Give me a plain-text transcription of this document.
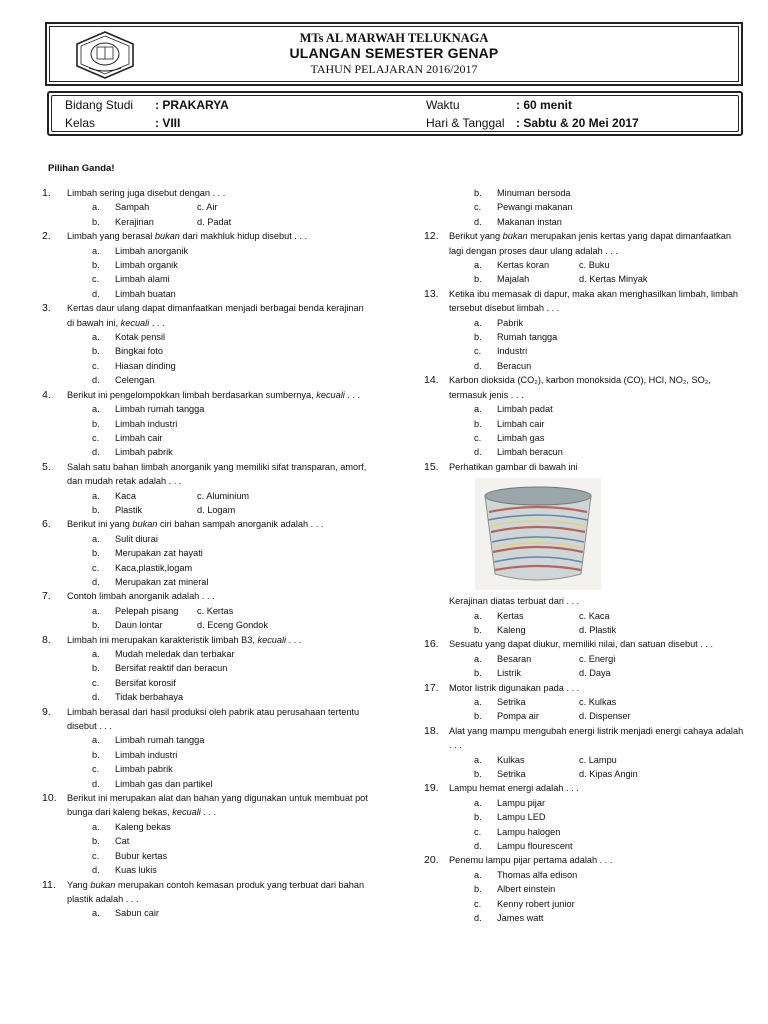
MTs AL MARWAH TELUKNAGA
ULANGAN SEMESTER GENAP
TAHUN PELAJARAN 2016/2017
Bidang Studi : PRAKARYA
Kelas	: VIII
Waktu	: 60 menit
Hari & Tanggal : Sabtu & 20 Mei 2017
Pilihan Ganda!
1. Limbah sering juga disebut dengan . . .
a.	Sampah	c. Air
b.	Kerajinan	d. Padat
2. Limbah yang berasal bukan dari makhluk hidup disebut . . .
a.	Limbah anorganik
b.	Limbah organik
c.	Limbah alami
d.	Limbah buatan
3. Kertas daur ulang dapat dimanfaatkan menjadi berbagai benda kerajinan di bawah ini, kecuali . . .
a.	Kotak pensil
b.	Bingkai foto
c.	Hiasan dinding
d.	Celengan
4. Berikut ini pengelompokkan limbah berdasarkan sumbernya, kecuali . . .
a.	Limbah rumah tangga
b.	Limbah industri
c.	Limbah cair
d.	Limbah pabrik
5. Salah satu bahan limbah anorganik yang memiliki sifat transparan, amorf, dan mudah retak adalah . . .
a.	Kaca	c. Aluminium
b.	Plastik	d. Logam
6. Berikut ini yang bukan ciri bahan sampah anorganik adalah . . .
a.	Sulit diurai
b.	Merupakan zat hayati
c.	Kaca,plastik,logam
d.	Merupakan zat mineral
7. Contoh limbah anorganik adalah . . .
a.	Pelepah pisang c. Kertas
b.	Daun lontar	d. Eceng Gondok
8. Limbah ini merupakan karakteristik limbah B3, kecuali . . .
a.	Mudah meledak dan terbakar
b.	Bersifat reaktif dan beracun
c.	Bersifat korosif
d.	Tidak berbahaya
9. Limbah berasal dari hasil produksi oleh pabrik atau perusahaan tertentu disebut . . .
a.	Limbah rumah tangga
b.	Limbah industri
c.	Limbah pabrik
d.	Limbah gas dan partikel
10. Berikut ini merupakan alat dan bahan yang digunakan untuk membuat pot bunga dari kaleng bekas, kecuali . . .
a.	Kaleng bekas
b.	Cat
c.	Bubur kertas
d.	Kuas lukis
11. Yang bukan merupakan contoh kemasan produk yang terbuat dari bahan plastik adalah . . .
a.	Sabun cair
b.	Minuman bersoda
c.	Pewangi makanan
d.	Makanan instan
12. Berikut yang bukan merupakan jenis kertas yang dapat dimanfaatkan lagi dengan proses daur ulang adalah . . .
a.	Kertas koran	c. Buku
b.	Majalah	d. Kertas Minyak
13. Ketika ibu memasak di dapur, maka akan menghasilkan limbah, limbah tersebut disebut limbah . . .
a.	Pabrik
b.	Rumah tangga
c.	Industri
d.	Beracun
14. Karbon dioksida (CO₂), karbon monoksida (CO), HCl, NO₂, SO₂, termasuk jenis . . .
a.	Limbah padat
b.	Limbah cair
c.	Limbah gas
d.	Limbah beracun
15. Perhatikan gambar di bawah ini
Kerajinan diatas terbuat dari . . .
a.	Kertas	c. Kaca
b.	Kaleng	d. Plastik
16. Sesuatu yang dapat diukur, memiliki nilai, dan satuan disebut . . .
a.	Besaran	c. Energi
b.	Listrik	d. Daya
17. Motor listrik digunakan pada . . .
a.	Setrika	c. Kulkas
b.	Pompa air	d. Dispenser
18. Alat yang mampu mengubah energi listrik menjadi energi cahaya adalah . . .
a.	Kulkas	c. Lampu
b.	Setrika	d. Kipas Angin
19. Lampu hemat energi adalah . . .
a.	Lampu pijar
b.	Lampu LED
c.	Lampu halogen
d.	Lampu flourescent
20. Penemu lampu pijar pertama adalah . . .
a.	Thomas alfa edison
b.	Albert einstein
c.	Kenny robert junior
d.	James watt
